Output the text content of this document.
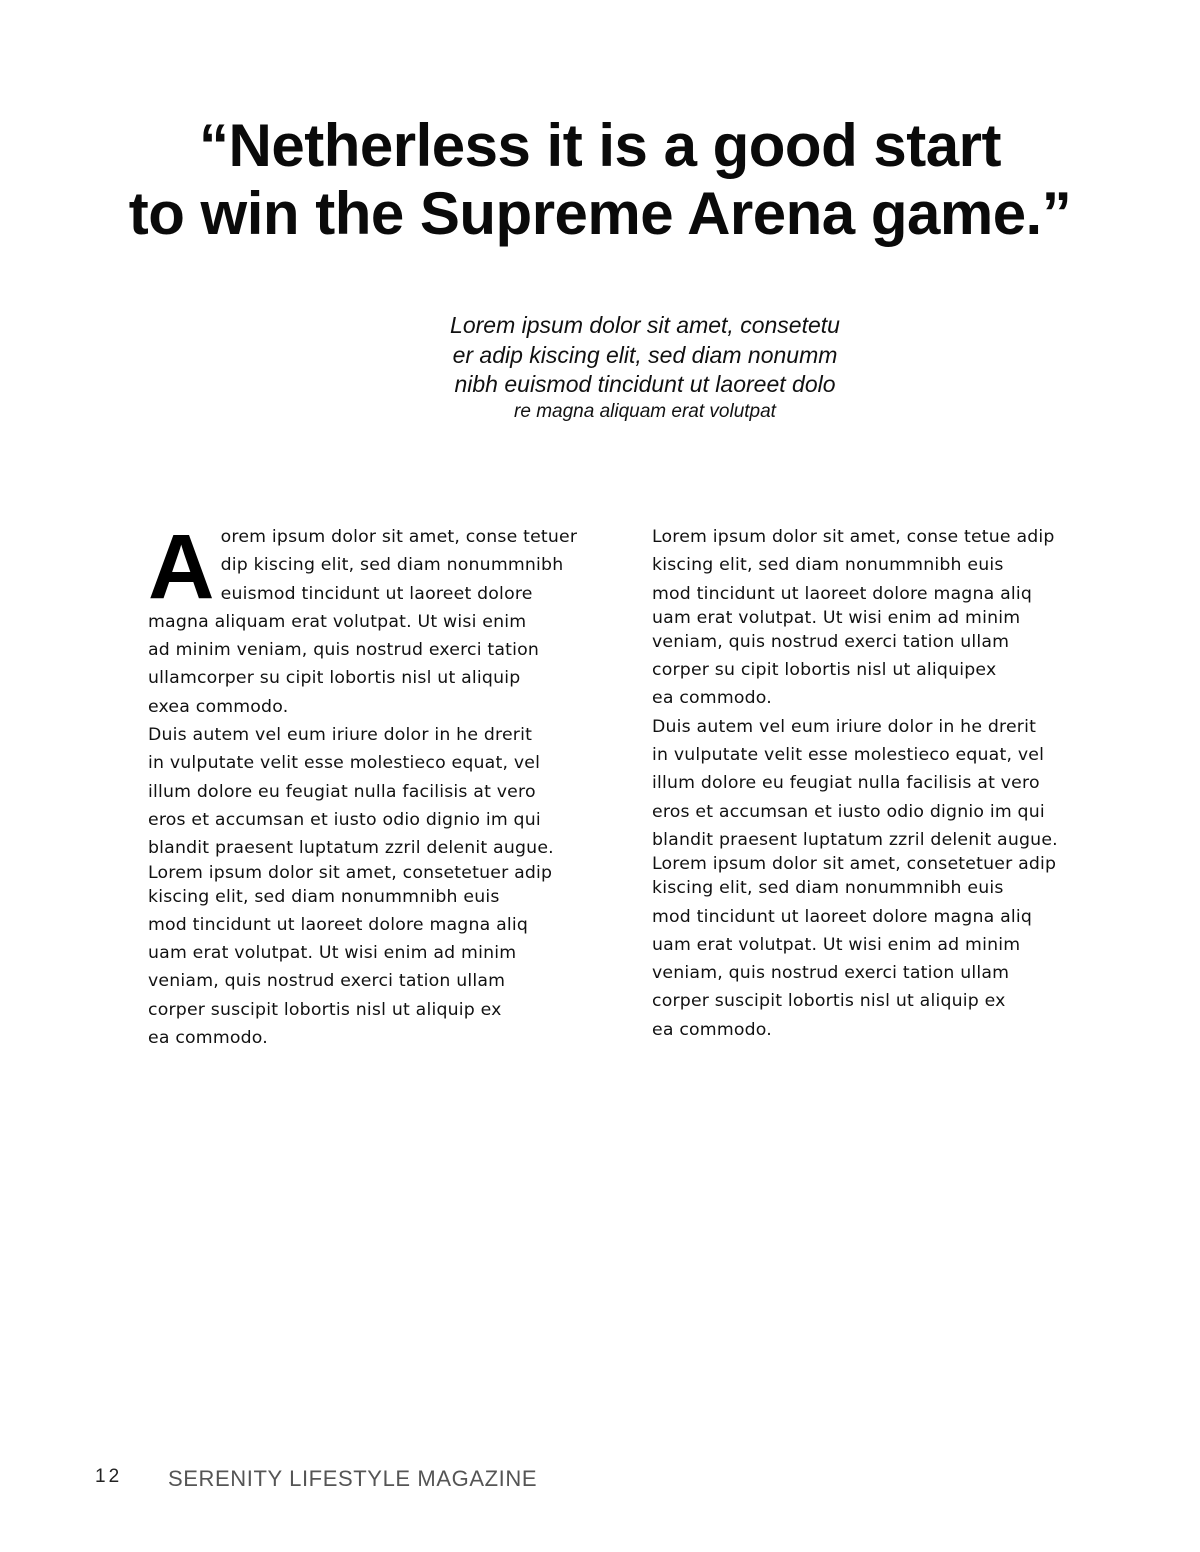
“Netherless it is a good start
to win the Supreme Arena game.”
Lorem ipsum dolor sit amet, consetetu
er adip kiscing elit, sed diam nonumm
nibh euismod tincidunt ut laoreet dolo
re magna aliquam erat volutpat
A orem ipsum dolor sit amet, conse tetuer
dip kiscing elit, sed diam nonummnibh
euismod tincidunt ut laoreet dolore
magna aliquam erat volutpat. Ut wisi enim
ad minim veniam, quis nostrud exerci tation
ullamcorper su cipit lobortis nisl ut aliquip
exea commodo.
Duis autem vel eum iriure dolor in he drerit
in vulputate velit esse molestieco equat, vel
illum dolore eu feugiat nulla facilisis at vero
eros et accumsan et iusto odio dignio im qui
blandit praesent luptatum zzril delenit augue.
Lorem ipsum dolor sit amet, consetetuer adip
kiscing elit, sed diam nonummnibh euis
mod tincidunt ut laoreet dolore magna aliq
uam erat volutpat. Ut wisi enim ad minim
veniam, quis nostrud exerci tation ullam
corper suscipit lobortis nisl ut aliquip ex
ea commodo.
Lorem ipsum dolor sit amet, conse tetue adip
kiscing elit, sed diam nonummnibh euis
mod tincidunt ut laoreet dolore magna aliq
uam erat volutpat. Ut wisi enim ad minim
veniam, quis nostrud exerci tation ullam
corper su cipit lobortis nisl ut aliquipex
ea commodo.
Duis autem vel eum iriure dolor in he drerit
in vulputate velit esse molestieco equat, vel
illum dolore eu feugiat nulla facilisis at vero
eros et accumsan et iusto odio dignio im qui
blandit praesent luptatum zzril delenit augue.
Lorem ipsum dolor sit amet, consetetuer adip
kiscing elit, sed diam nonummnibh euis
mod tincidunt ut laoreet dolore magna aliq
uam erat volutpat. Ut wisi enim ad minim
veniam, quis nostrud exerci tation ullam
corper suscipit lobortis nisl ut aliquip ex
ea commodo.
12 SERENITY LIFESTYLE MAGAZINE
